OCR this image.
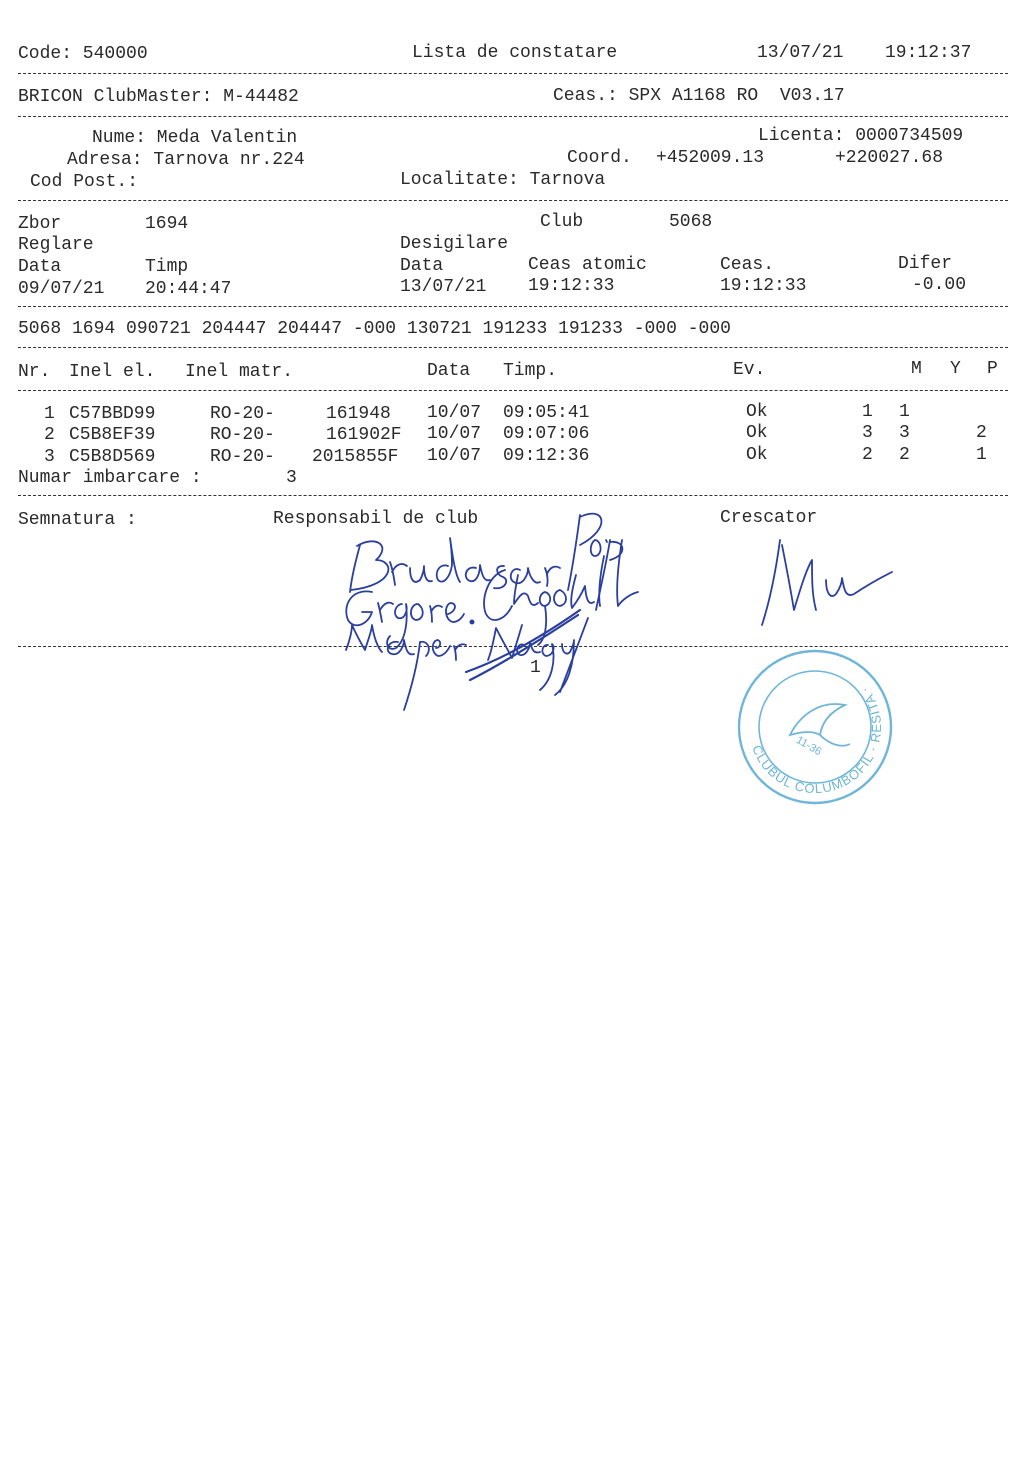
Code: 540000	Lista de constatare	13/07/21 19:12:37
BRICON ClubMaster: M-44482	Ceas.: SPX A1168 RO  V03.17
Nume: Meda Valentin
Adresa: Tarnova nr.224
Cod Post.:
Licenta: 0000734509
Coord. +452009.13	+220027.68
Localitate: Tarnova
Zbor	1694	Club	5068
Reglare	Desigilare
Data	Timp	Data	Ceas atomic	Ceas.	Difer
09/07/21 20:44:47	13/07/21 19:12:33	19:12:33	-0.00
5068 1694 090721 204447 204447 -000 130721 191233 191233 -000 -000
Nr. Inel el. Inel matr.	Data Timp.	Ev.	M Y P
1 C57BBD99	RO-20-	161948 10/07 09:05:41	Ok	1 1
2 C5B8EF39	RO-20-	161902F 10/07 09:07:06	Ok	3 3	2
3 C5B8D569	RO-20- 2015855F 10/07 09:12:36	Ok	2 2	1
Numar imbarcare :	3
Semnatura :	Responsabil de club	Crescator
1
CLUBUL COLUMBOFIL · RESITA ·
11-36
